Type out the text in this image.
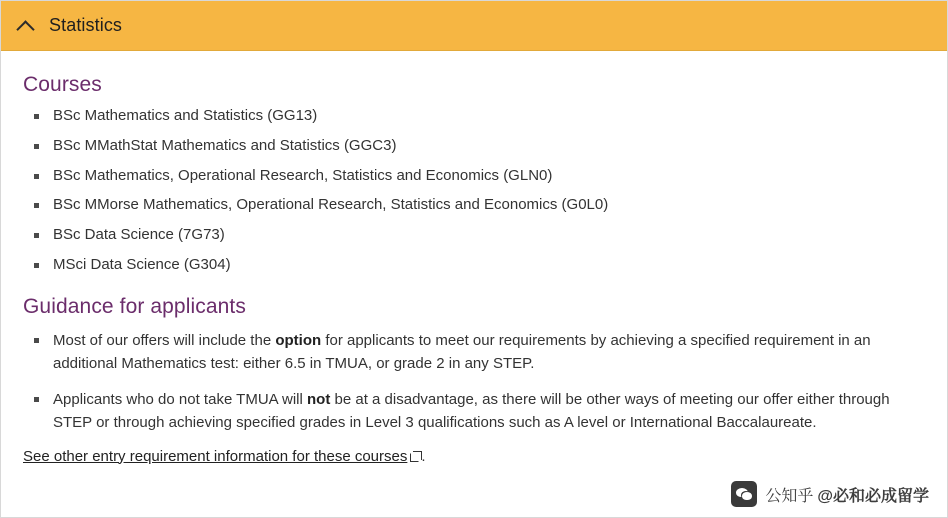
Statistics
Courses
BSc Mathematics and Statistics (GG13)
BSc MMathStat Mathematics and Statistics (GGC3)
BSc Mathematics, Operational Research, Statistics and Economics (GLN0)
BSc MMorse Mathematics, Operational Research, Statistics and Economics (G0L0)
BSc Data Science (7G73)
MSci Data Science (G304)
Guidance for applicants
Most of our offers will include the option for applicants to meet our requirements by achieving a specified requirement in an additional Mathematics test: either 6.5 in TMUA, or grade 2 in any STEP.
Applicants who do not take TMUA will not be at a disadvantage, as there will be other ways of meeting our offer either through STEP or through achieving specified grades in Level 3 qualifications such as A level or International Baccalaureate.
See other entry requirement information for these courses .
公知乎 @必和必成留学
